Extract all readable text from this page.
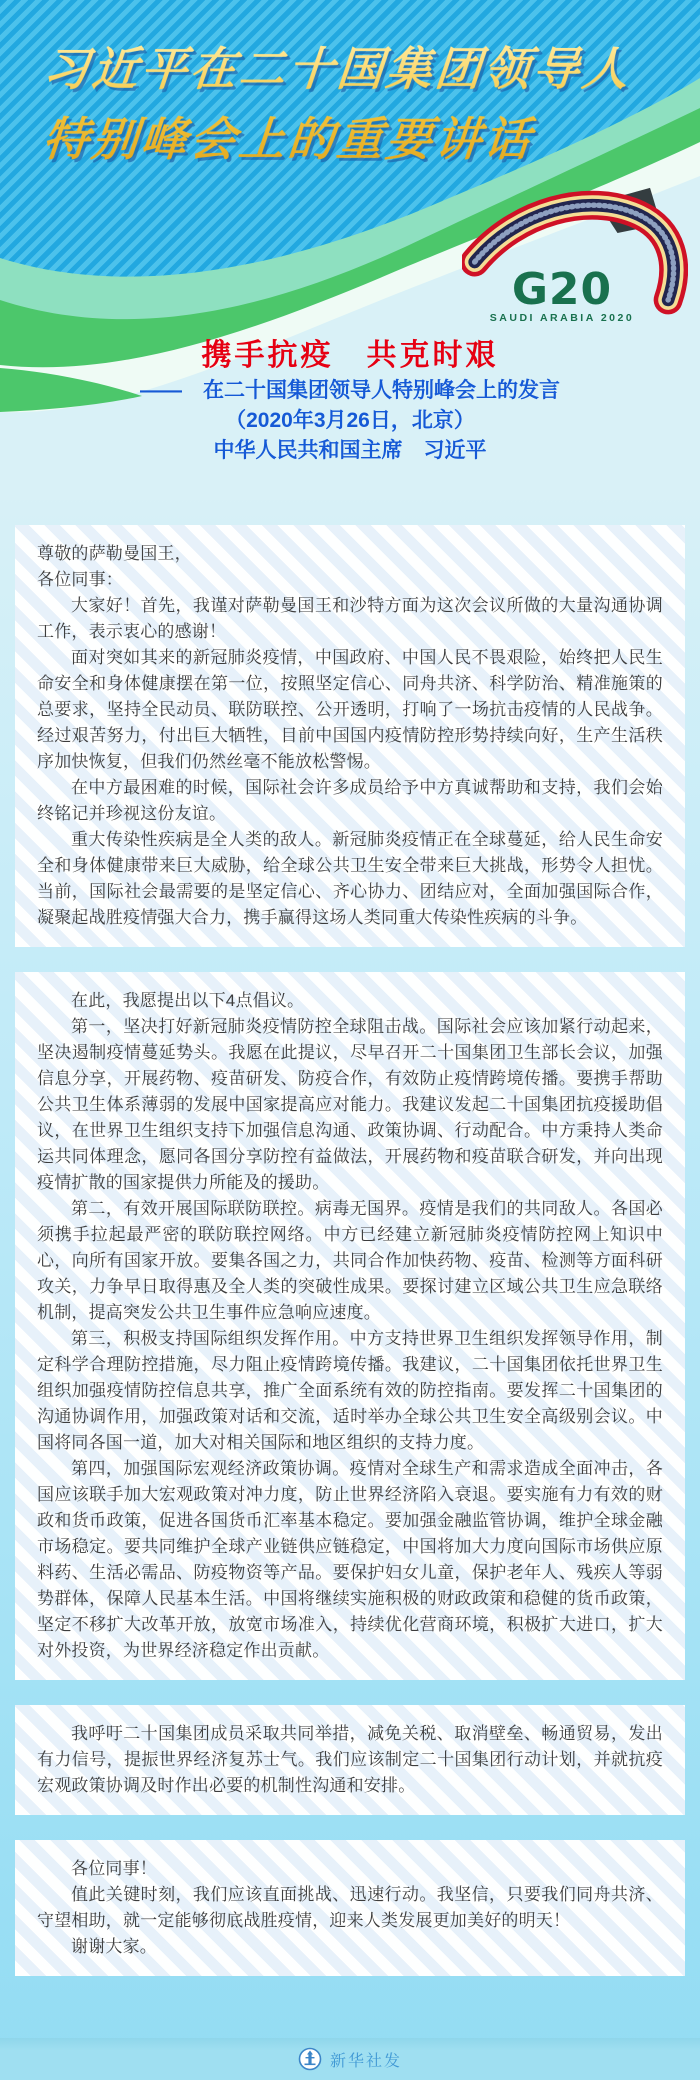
习近平在二十国集团领导人
特别峰会上的重要讲话
G20
SAUDI ARABIA 2020
携手抗疫　共克时艰
——　在二十国集团领导人特别峰会上的发言
（2020年3月26日，北京）
中华人民共和国主席　习近平

尊敬的萨勒曼国王，

各位同事：

大家好！首先，我谨对萨勒曼国王和沙特方面为这次会议所做的大量沟通协调工作，表示衷心的感谢！

面对突如其来的新冠肺炎疫情，中国政府、中国人民不畏艰险，始终把人民生命安全和身体健康摆在第一位，按照坚定信心、同舟共济、科学防治、精准施策的总要求，坚持全民动员、联防联控、公开透明，打响了一场抗击疫情的人民战争。经过艰苦努力，付出巨大牺牲，目前中国国内疫情防控形势持续向好，生产生活秩序加快恢复，但我们仍然丝毫不能放松警惕。

在中方最困难的时候，国际社会许多成员给予中方真诚帮助和支持，我们会始终铭记并珍视这份友谊。

重大传染性疾病是全人类的敌人。新冠肺炎疫情正在全球蔓延，给人民生命安全和身体健康带来巨大威胁，给全球公共卫生安全带来巨大挑战，形势令人担忧。当前，国际社会最需要的是坚定信心、齐心协力、团结应对，全面加强国际合作，凝聚起战胜疫情强大合力，携手赢得这场人类同重大传染性疾病的斗争。

在此，我愿提出以下4点倡议。

第一，坚决打好新冠肺炎疫情防控全球阻击战。国际社会应该加紧行动起来，坚决遏制疫情蔓延势头。我愿在此提议，尽早召开二十国集团卫生部长会议，加强信息分享，开展药物、疫苗研发、防疫合作，有效防止疫情跨境传播。要携手帮助公共卫生体系薄弱的发展中国家提高应对能力。我建议发起二十国集团抗疫援助倡议，在世界卫生组织支持下加强信息沟通、政策协调、行动配合。中方秉持人类命运共同体理念，愿同各国分享防控有益做法，开展药物和疫苗联合研发，并向出现疫情扩散的国家提供力所能及的援助。

第二，有效开展国际联防联控。病毒无国界。疫情是我们的共同敌人。各国必须携手拉起最严密的联防联控网络。中方已经建立新冠肺炎疫情防控网上知识中心，向所有国家开放。要集各国之力，共同合作加快药物、疫苗、检测等方面科研攻关，力争早日取得惠及全人类的突破性成果。要探讨建立区域公共卫生应急联络机制，提高突发公共卫生事件应急响应速度。

第三，积极支持国际组织发挥作用。中方支持世界卫生组织发挥领导作用，制定科学合理防控措施，尽力阻止疫情跨境传播。我建议，二十国集团依托世界卫生组织加强疫情防控信息共享，推广全面系统有效的防控指南。要发挥二十国集团的沟通协调作用，加强政策对话和交流，适时举办全球公共卫生安全高级别会议。中国将同各国一道，加大对相关国际和地区组织的支持力度。

第四，加强国际宏观经济政策协调。疫情对全球生产和需求造成全面冲击，各国应该联手加大宏观政策对冲力度，防止世界经济陷入衰退。要实施有力有效的财政和货币政策，促进各国货币汇率基本稳定。要加强金融监管协调，维护全球金融市场稳定。要共同维护全球产业链供应链稳定，中国将加大力度向国际市场供应原料药、生活必需品、防疫物资等产品。要保护妇女儿童，保护老年人、残疾人等弱势群体，保障人民基本生活。中国将继续实施积极的财政政策和稳健的货币政策，坚定不移扩大改革开放，放宽市场准入，持续优化营商环境，积极扩大进口，扩大对外投资，为世界经济稳定作出贡献。

我呼吁二十国集团成员采取共同举措，减免关税、取消壁垒、畅通贸易，发出有力信号，提振世界经济复苏士气。我们应该制定二十国集团行动计划，并就抗疫宏观政策协调及时作出必要的机制性沟通和安排。

各位同事！

值此关键时刻，我们应该直面挑战、迅速行动。我坚信，只要我们同舟共济、守望相助，就一定能够彻底战胜疫情，迎来人类发展更加美好的明天！

谢谢大家。

新华社发
